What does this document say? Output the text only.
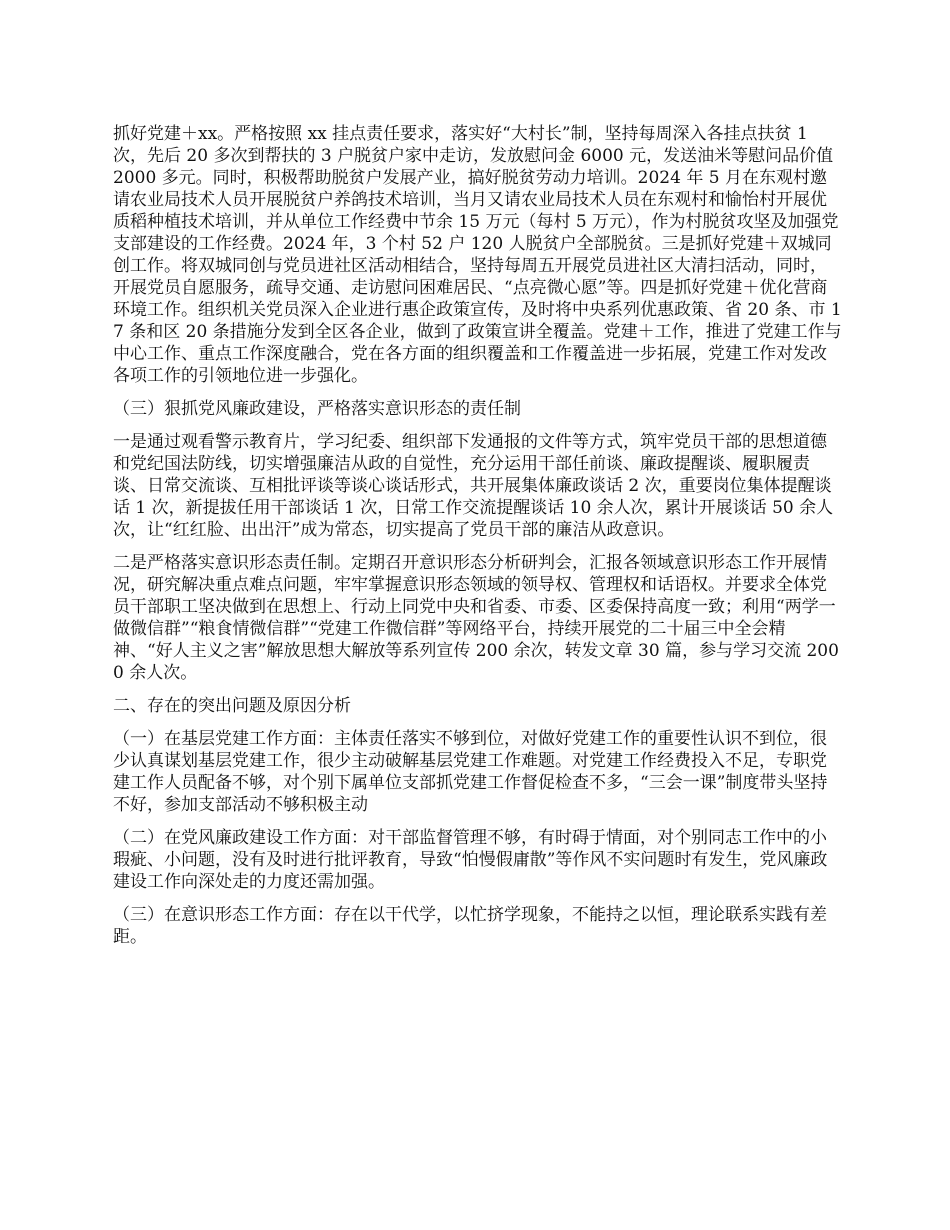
抓好党建＋xx。严格按照 xx 挂点责任要求，落实好“大村长”制，坚持每周深入各挂点扶贫 1 次，先后 20 多次到帮扶的 3 户脱贫户家中走访，发放慰问金 6000 元，发送油米等慰问品价值 2000 多元。同时，积极帮助脱贫户发展产业，搞好脱贫劳动力培训。2024 年 5 月在东观村邀请农业局技术人员开展脱贫户养鸽技术培训，当月又请农业局技术人员在东观村和愉怡村开展优质稻种植技术培训，并从单位工作经费中节余 15 万元（每村 5 万元），作为村脱贫攻坚及加强党支部建设的工作经费。2024 年，3 个村 52 户 120 人脱贫户全部脱贫。三是抓好党建＋双城同创工作。将双城同创与党员进社区活动相结合，坚持每周五开展党员进社区大清扫活动，同时，开展党员自愿服务，疏导交通、走访慰问困难居民、“点亮微心愿”等。四是抓好党建＋优化营商环境工作。组织机关党员深入企业进行惠企政策宣传，及时将中央系列优惠政策、省 20 条、市 17 条和区 20 条措施分发到全区各企业，做到了政策宣讲全覆盖。党建＋工作，推进了党建工作与中心工作、重点工作深度融合，党在各方面的组织覆盖和工作覆盖进一步拓展，党建工作对发改各项工作的引领地位进一步强化。

（三）狠抓党风廉政建设，严格落实意识形态的责任制

一是通过观看警示教育片，学习纪委、组织部下发通报的文件等方式，筑牢党员干部的思想道德和党纪国法防线，切实增强廉洁从政的自觉性，充分运用干部任前谈、廉政提醒谈、履职履责谈、日常交流谈、互相批评谈等谈心谈话形式，共开展集体廉政谈话 2 次，重要岗位集体提醒谈话 1 次，新提拔任用干部谈话 1 次，日常工作交流提醒谈话 10 余人次，累计开展谈话 50 余人次，让“红红脸、出出汗”成为常态，切实提高了党员干部的廉洁从政意识。

二是严格落实意识形态责任制。定期召开意识形态分析研判会，汇报各领域意识形态工作开展情况，研究解决重点难点问题，牢牢掌握意识形态领域的领导权、管理权和话语权。并要求全体党员干部职工坚决做到在思想上、行动上同党中央和省委、市委、区委保持高度一致；利用“两学一做微信群”“粮食情微信群”“党建工作微信群”等网络平台，持续开展党的二十届三中全会精神、“好人主义之害”解放思想大解放等系列宣传 200 余次，转发文章 30 篇，参与学习交流 2000 余人次。

二、存在的突出问题及原因分析

（一）在基层党建工作方面：主体责任落实不够到位，对做好党建工作的重要性认识不到位，很少认真谋划基层党建工作，很少主动破解基层党建工作难题。对党建工作经费投入不足，专职党建工作人员配备不够，对个别下属单位支部抓党建工作督促检查不多，“三会一课”制度带头坚持不好，参加支部活动不够积极主动

（二）在党风廉政建设工作方面：对干部监督管理不够，有时碍于情面，对个别同志工作中的小瑕疵、小问题，没有及时进行批评教育，导致“怕慢假庸散”等作风不实问题时有发生，党风廉政建设工作向深处走的力度还需加强。

（三）在意识形态工作方面：存在以干代学，以忙挤学现象，不能持之以恒，理论联系实践有差距。
